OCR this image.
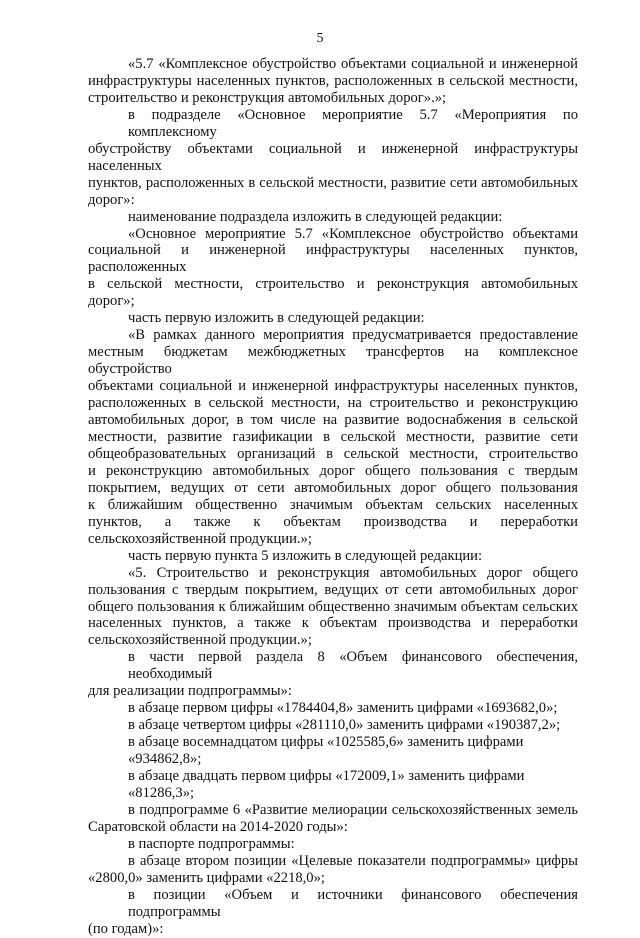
5

«5.7 «Комплексное обустройство объектами социальной и инженерной
инфраструктуры населенных пунктов, расположенных в сельской местности,
строительство и реконструкция автомобильных дорог».»;

в подразделе «Основное мероприятие 5.7 «Мероприятия по комплексному
обустройству объектами социальной и инженерной инфраструктуры населенных
пунктов, расположенных в сельской местности, развитие сети автомобильных
дорог»:

наименование подраздела изложить в следующей редакции:

«Основное мероприятие 5.7 «Комплексное обустройство объектами
социальной и инженерной инфраструктуры населенных пунктов, расположенных
в сельской местности, строительство и реконструкция автомобильных
дорог»;

часть первую изложить в следующей редакции:

«В рамках данного мероприятия предусматривается предоставление
местным бюджетам межбюджетных трансфертов на комплексное обустройство
объектами социальной и инженерной инфраструктуры населенных пунктов,
расположенных в сельской местности, на строительство и реконструкцию
автомобильных дорог, в том числе на развитие водоснабжения в сельской
местности, развитие газификации в сельской местности, развитие сети
общеобразовательных организаций в сельской местности, строительство
и реконструкцию автомобильных дорог общего пользования с твердым
покрытием, ведущих от сети автомобильных дорог общего пользования
к ближайшим общественно значимым объектам сельских населенных
пунктов, а также к объектам производства и переработки
сельскохозяйственной продукции.»;

часть первую пункта 5 изложить в следующей редакции:

«5. Строительство и реконструкция автомобильных дорог общего
пользования с твердым покрытием, ведущих от сети автомобильных дорог
общего пользования к ближайшим общественно значимым объектам сельских
населенных пунктов, а также к объектам производства и переработки
сельскохозяйственной продукции.»;

в части первой раздела 8 «Объем финансового обеспечения, необходимый
для реализации подпрограммы»:

в абзаце первом цифры «1784404,8» заменить цифрами «1693682,0»;

в абзаце четвертом цифры «281110,0» заменить цифрами «190387,2»;

в абзаце восемнадцатом цифры «1025585,6» заменить цифрами «934862,8»;

в абзаце двадцать первом цифры «172009,1» заменить цифрами «81286,3»;

в подпрограмме 6 «Развитие мелиорации сельскохозяйственных земель
Саратовской области на 2014-2020 годы»:

в паспорте подпрограммы:

в абзаце втором позиции «Целевые показатели подпрограммы» цифры
«2800,0» заменить цифрами «2218,0»;

в позиции «Объем и источники финансового обеспечения подпрограммы
(по годам)»:
